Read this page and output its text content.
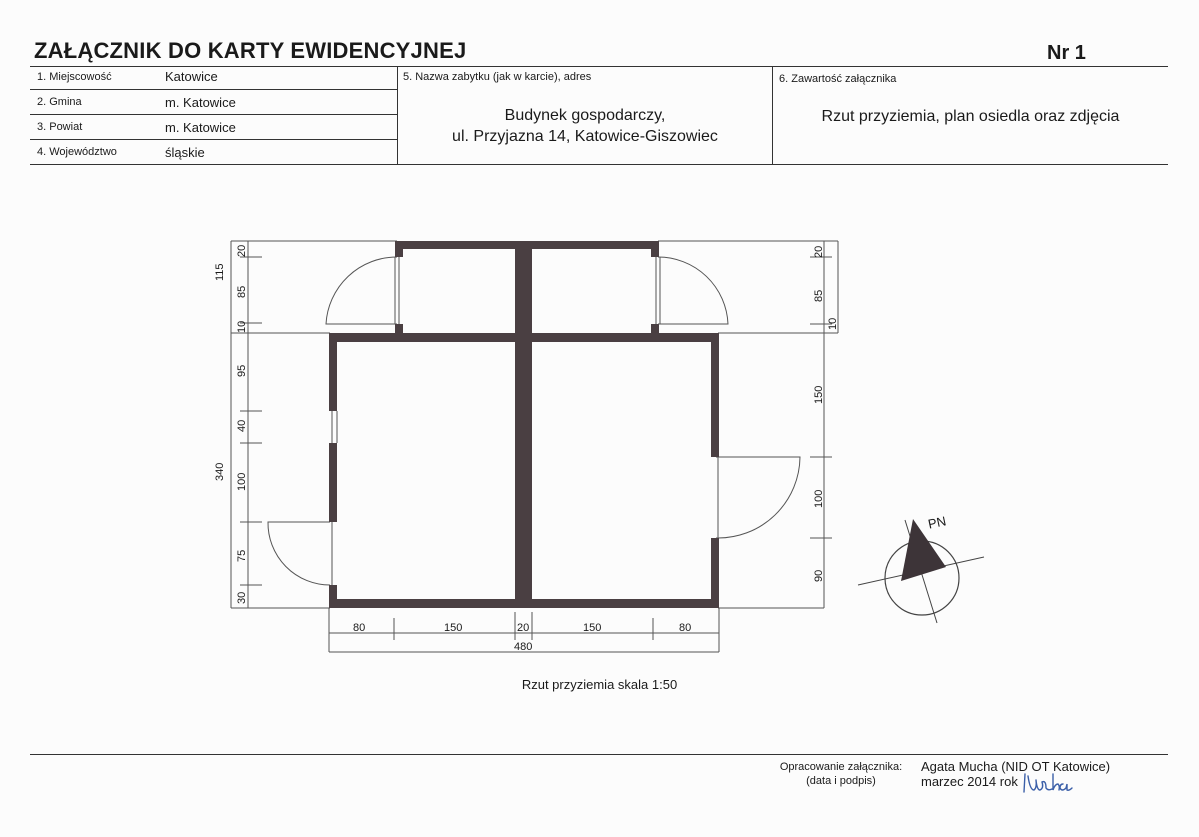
ZAŁĄCZNIK DO KARTY EWIDENCYJNEJ	Nr 1
1. Miejscowość	Katowice
2. Gmina	m. Katowice
3. Powiat	m. Katowice
4. Województwo	śląskie
5. Nazwa zabytku (jak w karcie), adres
Budynek gospodarczy,
ul. Przyjazna 14, Katowice-Giszowiec
6. Zawartość załącznika
Rzut przyziemia, plan osiedla oraz zdjęcia
115
20
85
10
340
95
40
100
75
30
20
85
10
150
100
90
80	150	20	150	80
480
PN
Rzut przyziemia skala 1:50
Opracowanie załącznika:
(data i podpis)
Agata Mucha (NID OT Katowice)
marzec 2014 rok
